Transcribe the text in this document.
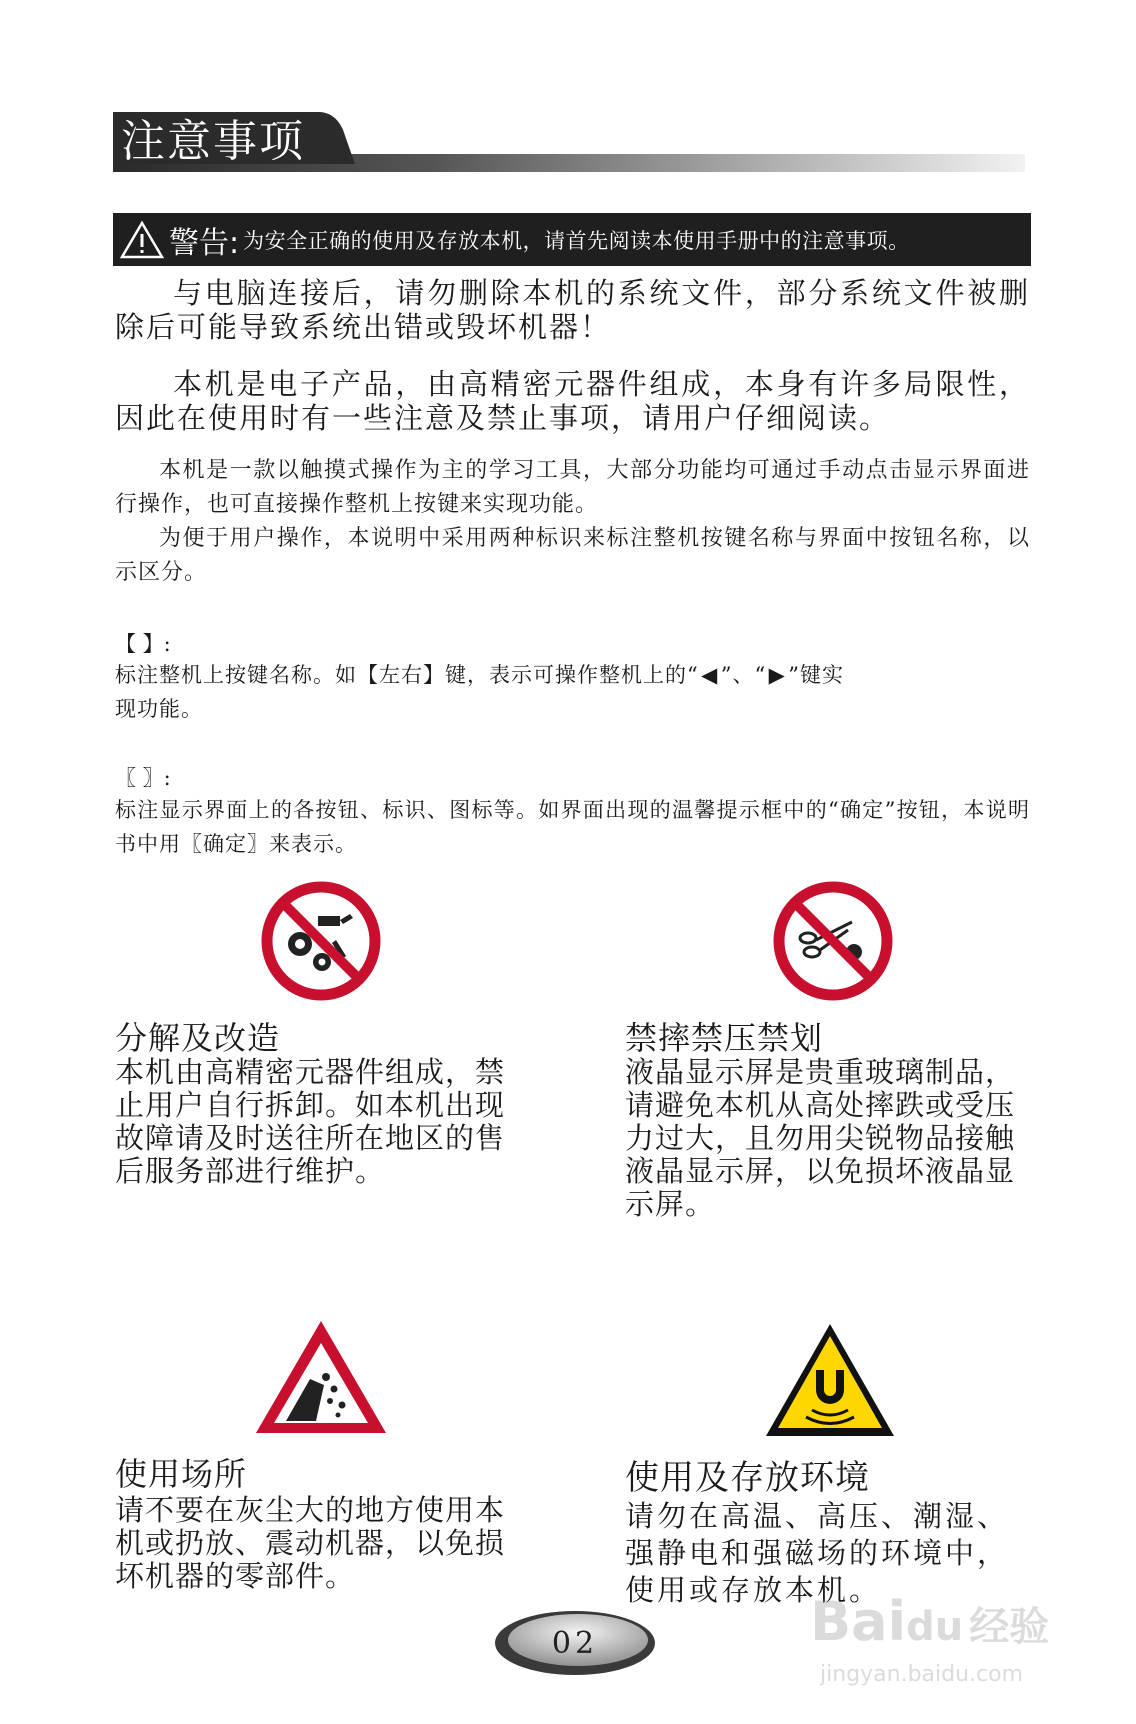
注意事项
警告: 为安全正确的使用及存放本机，请首先阅读本使用手册中的注意事项。
与电脑连接后，请勿删除本机的系统文件，部分系统文件被删除后可能导致系统出错或毁坏机器！
本机是电子产品，由高精密元器件组成，本身有许多局限性，因此在使用时有一些注意及禁止事项，请用户仔细阅读。
本机是一款以触摸式操作为主的学习工具，大部分功能均可通过手动点击显示界面进行操作，也可直接操作整机上按键来实现功能。
为便于用户操作，本说明中采用两种标识来标注整机按键名称与界面中按钮名称，以示区分。
【 】:
标注整机上按键名称。如【左右】键，表示可操作整机上的“ ◀ ”、“ ▶ ”键实
现功能。
〖 〗:
标注显示界面上的各按钮、标识、图标等。如界面出现的温馨提示框中的“确定”按钮，本说明书中用〖确定〗来表示。
分解及改造
本机由高精密元器件组成，禁止用户自行拆卸。如本机出现故障请及时送往所在地区的售后服务部进行维护。
禁摔禁压禁划
液晶显示屏是贵重玻璃制品，请避免本机从高处摔跌或受压力过大，且勿用尖锐物品接触液晶显示屏，以免损坏液晶显示屏。
使用场所
请不要在灰尘大的地方使用本机或扔放、震动机器，以免损坏机器的零部件。
使用及存放环境
请勿在高温、高压、潮湿、强静电和强磁场的环境中，使用或存放本机。
02	Baidu 经验
jingyan.baidu.com
